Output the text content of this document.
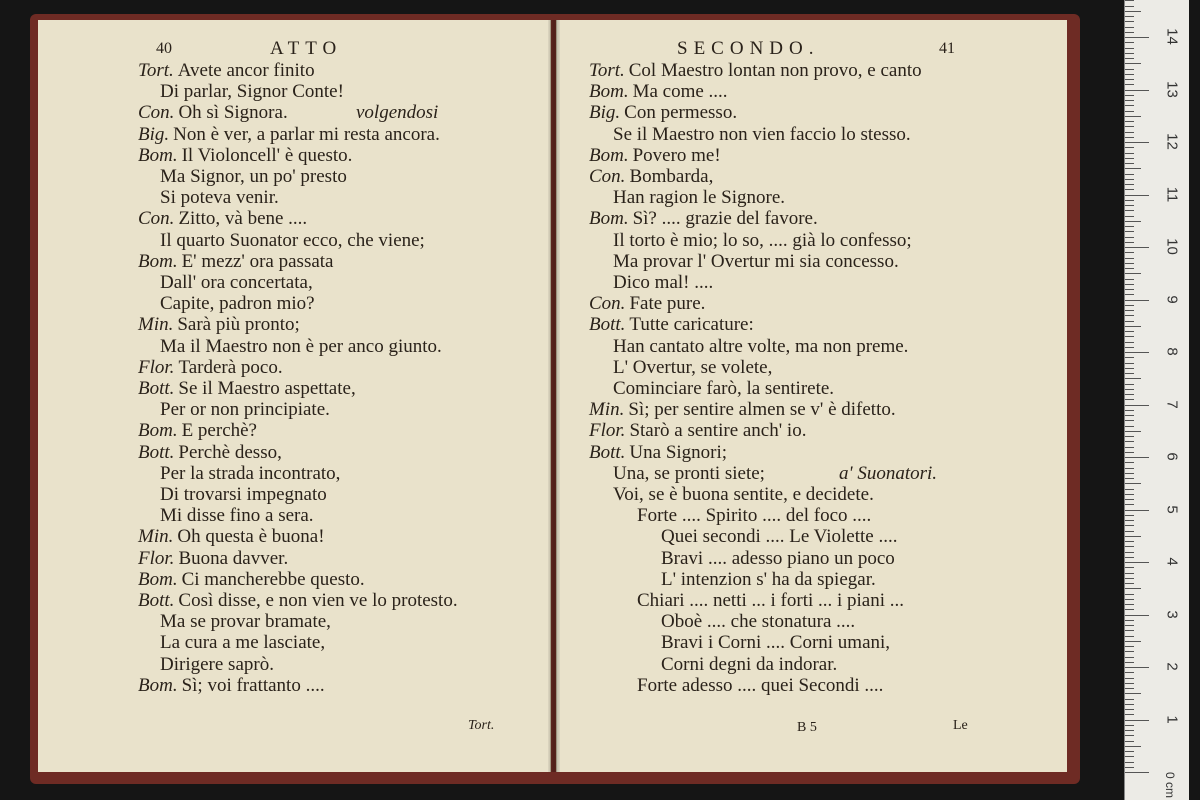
40	ATTO
Tort. Avete ancor finito
Di parlar, Signor Conte!
Con. Oh sì Signora.	volgendosi
Big. Non è ver, a parlar mi resta ancora.
Bom. Il Violoncell' è questo.
Ma Signor, un po' presto
Si poteva venir.
Con. Zitto, và bene ....
Il quarto Suonator ecco, che viene;
Bom. E' mezz' ora passata
Dall' ora concertata,
Capite, padron mio?
Min. Sarà più pronto;
Ma il Maestro non è per anco giunto.
Flor. Tarderà poco.
Bott. Se il Maestro aspettate,
Per or non principiate.
Bom. E perchè?
Bott. Perchè desso,
Per la strada incontrato,
Di trovarsi impegnato
Mi disse fino a sera.
Min. Oh questa è buona!
Flor. Buona davver.
Bom. Ci mancherebbe questo.
Bott. Così disse, e non vien ve lo protesto.
Ma se provar bramate,
La cura a me lasciate,
Dirigere saprò.
Bom. Sì; voi frattanto ....
Tort.
SECONDO.	41
Tort. Col Maestro lontan non provo, e canto
Bom. Ma come ....
Big. Con permesso.
Se il Maestro non vien faccio lo stesso.
Bom. Povero me!
Con. Bombarda,
Han ragion le Signore.
Bom. Sì? .... grazie del favore.
Il torto è mio; lo so, .... già lo confesso;
Ma provar l' Overtur mi sia concesso.
Dico mal! ....
Con. Fate pure.
Bott. Tutte caricature:
Han cantato altre volte, ma non preme.
L' Overtur, se volete,
Cominciare farò, la sentirete.
Min. Sì; per sentire almen se v' è difetto.
Flor. Starò a sentire anch' io.
Bott. Una Signori;
Una, se pronti siete;	a' Suonatori.
Voi, se è buona sentite, e decidete.
Forte .... Spirito .... del foco ....
Quei secondi .... Le Violette ....
Bravi .... adesso piano un poco
L' intenzion s' ha da spiegar.
Chiari .... netti ... i forti ... i piani ...
Oboè .... che stonatura ....
Bravi i Corni .... Corni umani,
Corni degni da indorar.
Forte adesso .... quei Secondi ....
B 5	Le
0 cm
1
2
3
4
5
6
7
8
9
10
11
12
13
14
